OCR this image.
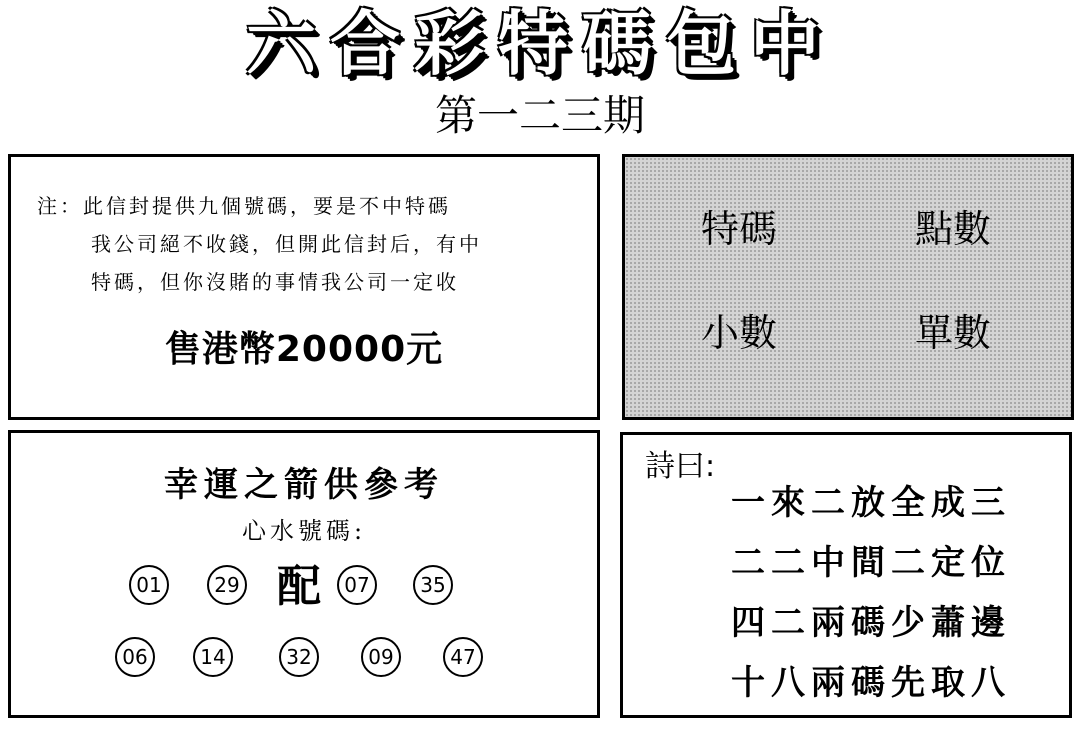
六合彩特碼包中
第一二三期
注：此信封提供九個號碼，要是不中特碼
我公司絕不收錢，但開此信封后，有中
特碼，但你沒賭的事情我公司一定收
售港幣20000元
特碼	點數
小數	單數
幸運之箭供參考
心水號碼:
01	29 配	07	35
06	14	32	09	47
詩曰:
一來二放全成三
二二中間二定位
四二兩碼少蕭邊
十八兩碼先取八
